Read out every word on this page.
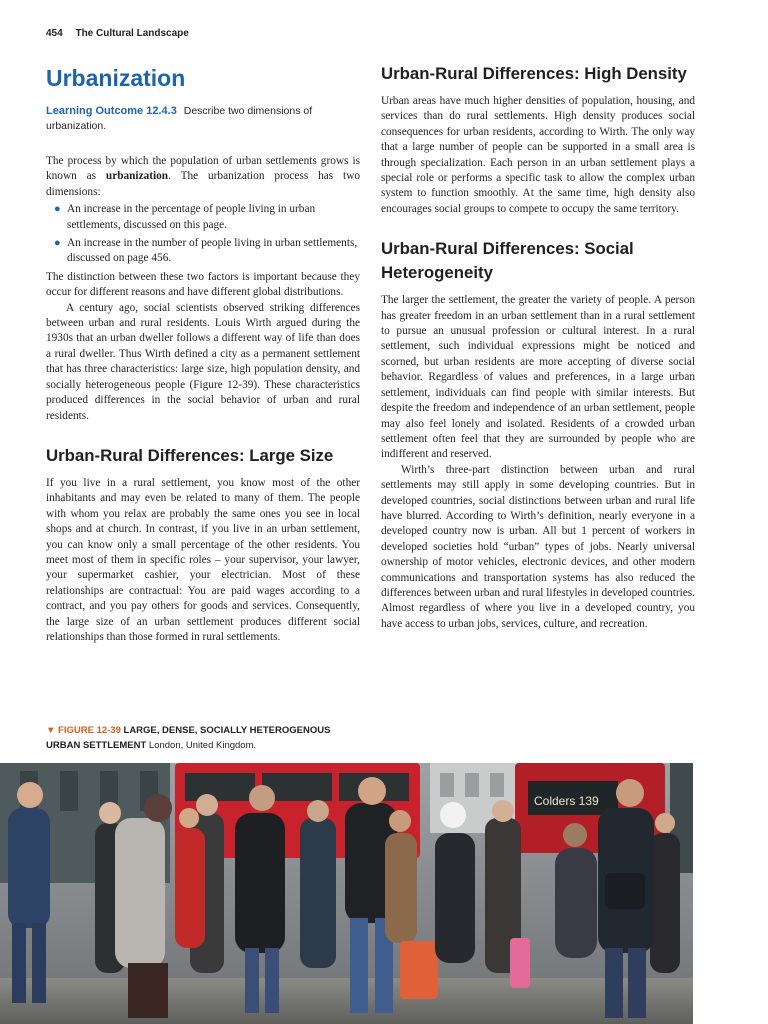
454 The Cultural Landscape
Urbanization
Learning Outcome 12.4.3 Describe two dimensions of urbanization.

The process by which the population of urban settlements grows is known as urbanization. The urbanization process has two dimensions:

● An increase in the percentage of people living in urban settlements, discussed on this page.
● An increase in the number of people living in urban settlements, discussed on page 456.

The distinction between these two factors is important because they occur for different reasons and have different global distributions.

A century ago, social scientists observed striking differences between urban and rural residents. Louis Wirth argued during the 1930s that an urban dweller follows a different way of life than does a rural dweller. Thus Wirth defined a city as a permanent settlement that has three characteristics: large size, high population density, and socially heterogeneous people (Figure 12-39). These characteristics produced differences in the social behavior of urban and rural residents.

Urban-Rural Differences: Large Size

If you live in a rural settlement, you know most of the other inhabitants and may even be related to many of them. The people with whom you relax are probably the same ones you see in local shops and at church. In contrast, if you live in an urban settlement, you can know only a small percentage of the other residents. You meet most of them in specific roles – your supervisor, your lawyer, your supermarket cashier, your electrician. Most of these relationships are contractual: You are paid wages according to a contract, and you pay others for goods and services. Consequently, the large size of an urban settlement produces different social relationships than those formed in rural settlements.

▼ FIGURE 12-39 LARGE, DENSE, SOCIALLY HETEROGENOUS URBAN SETTLEMENT London, United Kingdom.
Urban-Rural Differences: High Density

Urban areas have much higher densities of population, housing, and services than do rural settlements. High density produces social consequences for urban residents, according to Wirth. The only way that a large number of people can be supported in a small area is through specialization. Each person in an urban settlement plays a special role or performs a specific task to allow the complex urban system to function smoothly. At the same time, high density also encourages social groups to compete to occupy the same territory.

Urban-Rural Differences: Social Heterogeneity

The larger the settlement, the greater the variety of people. A person has greater freedom in an urban settlement than in a rural settlement to pursue an unusual profession or cultural interest. In a rural settlement, such individual expressions might be noticed and scorned, but urban residents are more accepting of diverse social behavior. Regardless of values and preferences, in a large urban settlement, individuals can find people with similar interests. But despite the freedom and independence of an urban settlement, people may also feel lonely and isolated. Residents of a crowded urban settlement often feel that they are surrounded by people who are indifferent and reserved.

Wirth’s three-part distinction between urban and rural settlements may still apply in some developing countries. But in developed countries, social distinctions between urban and rural life have blurred. According to Wirth’s definition, nearly everyone in a developed country now is urban. All but 1 percent of workers in developed societies hold “urban” types of jobs. Nearly universal ownership of motor vehicles, electronic devices, and other modern communications and transportation systems has also reduced the differences between urban and rural lifestyles in developed countries. Almost regardless of where you live in a developed country, you have access to urban jobs, services, culture, and recreation.

Colders 139
